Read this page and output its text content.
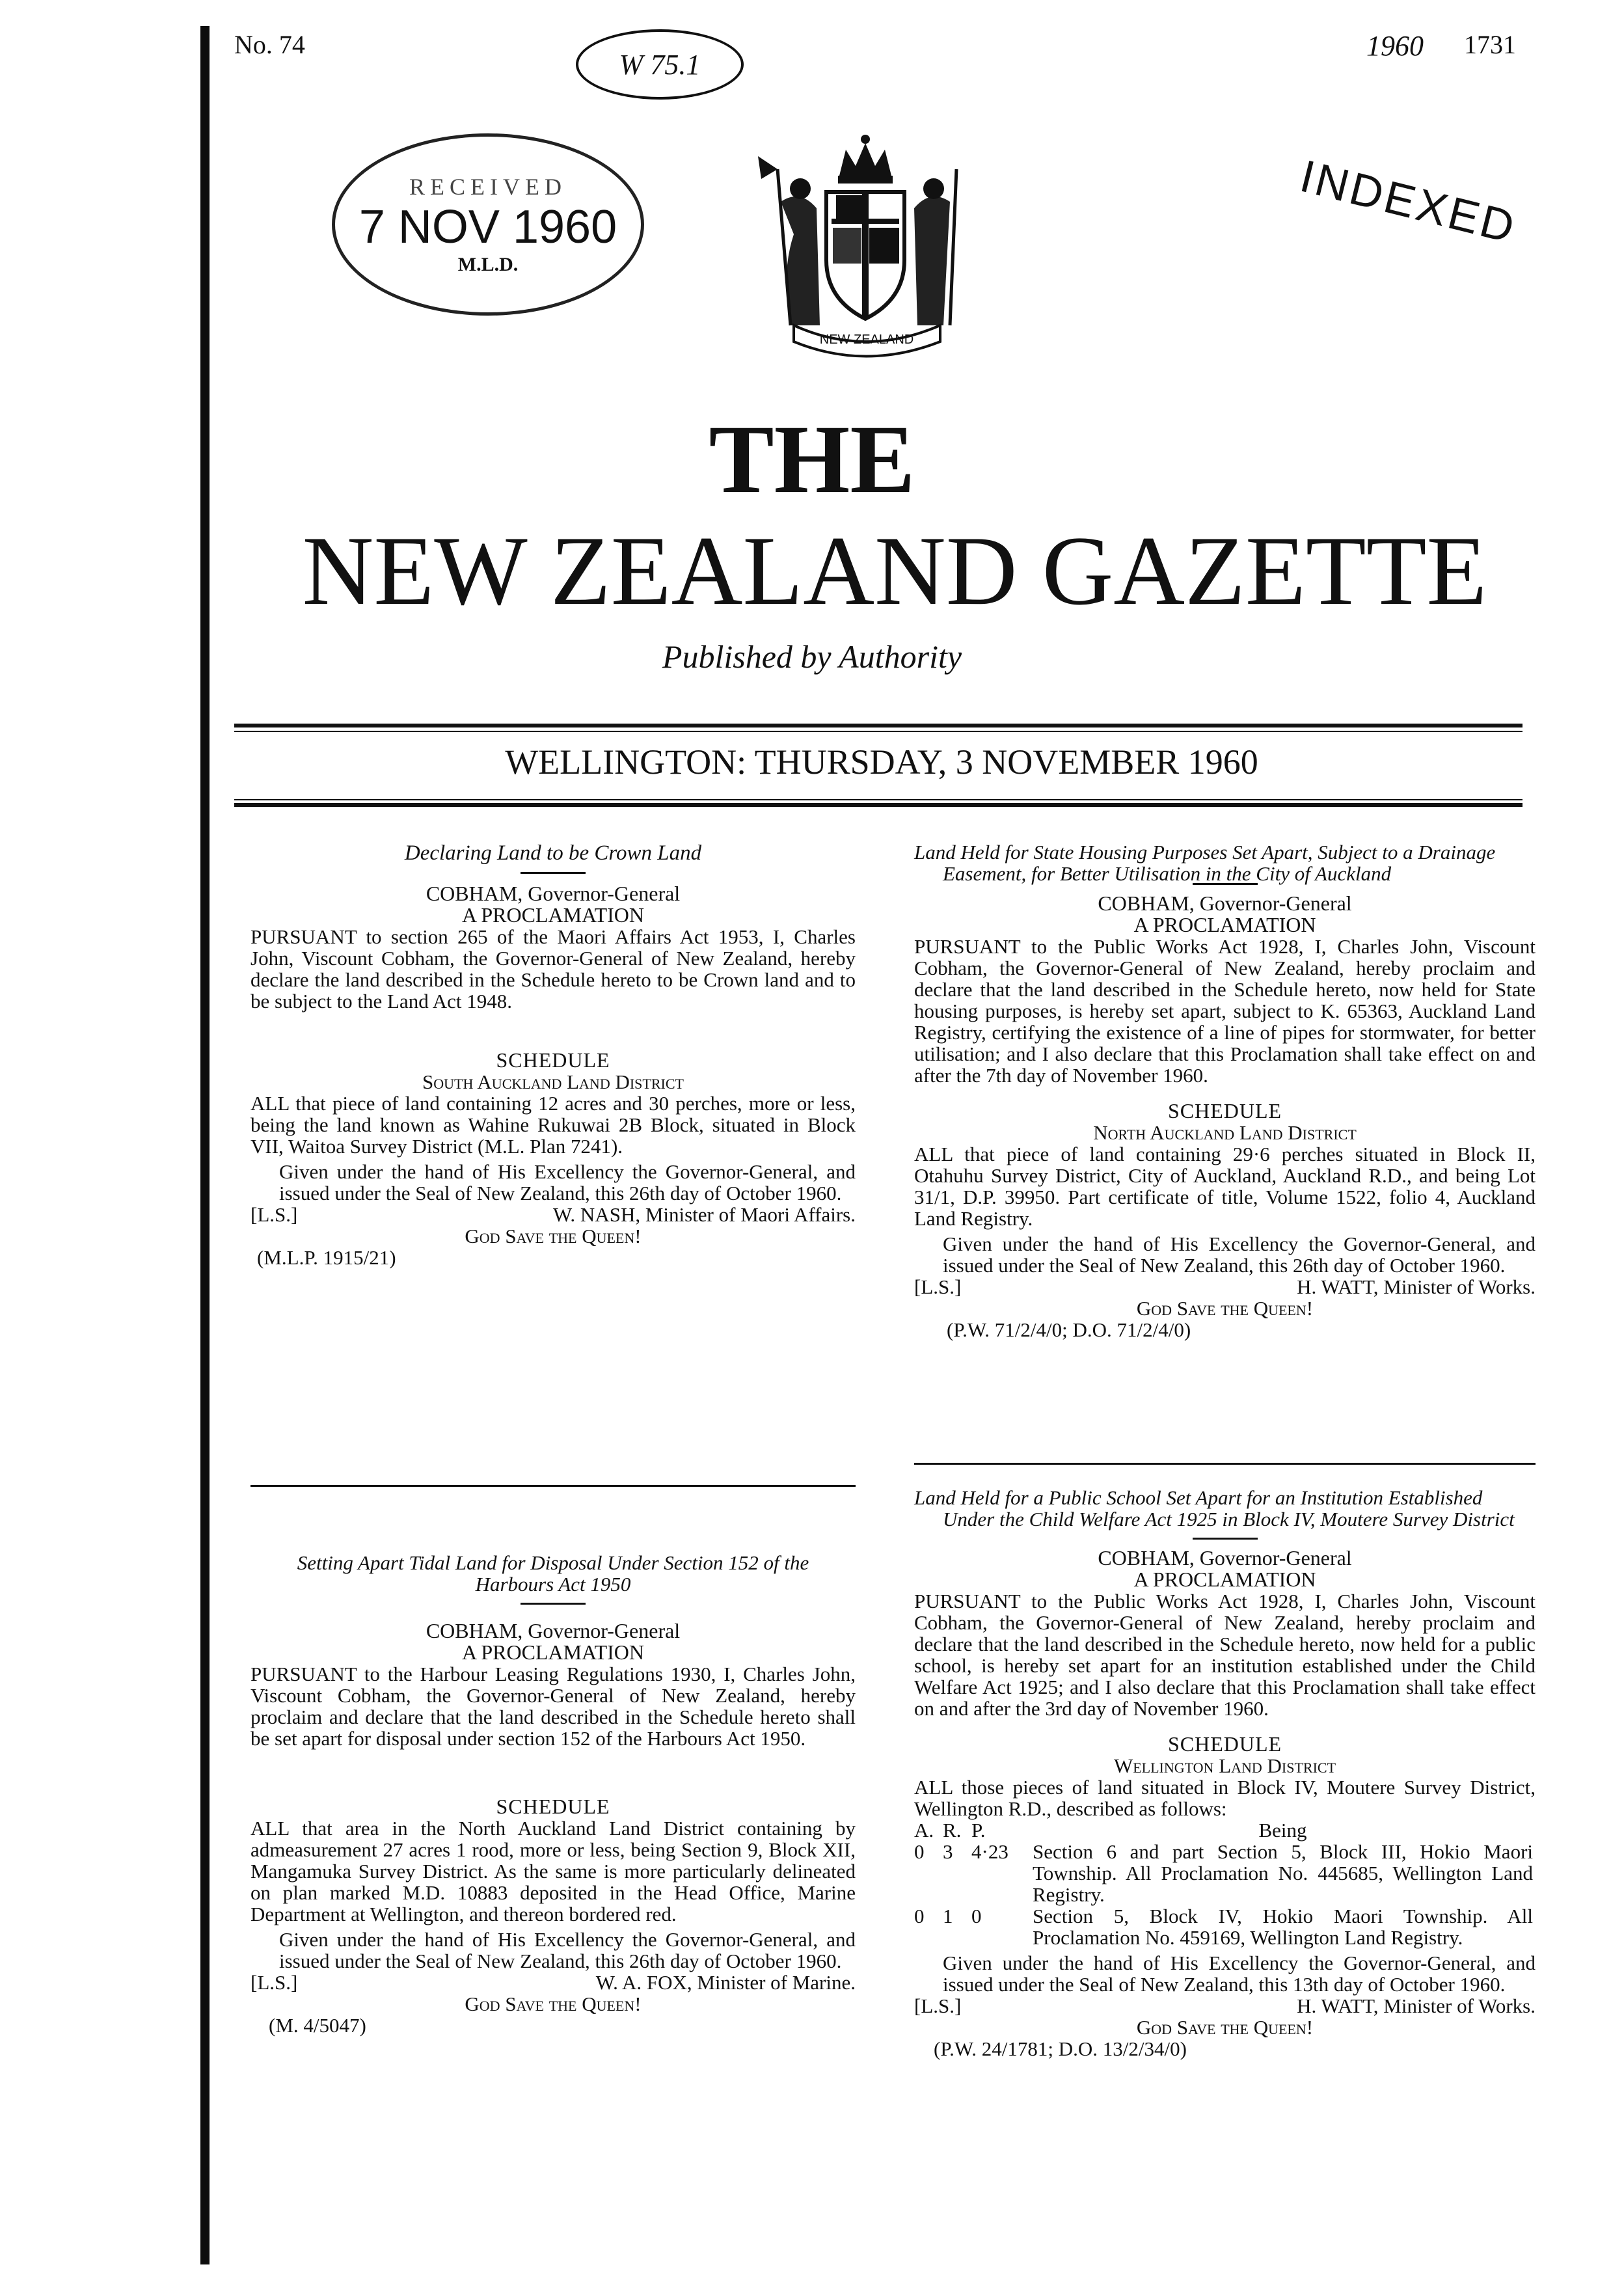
No. 74
W 75.1
1960 1731
RECEIVED
7 NOV 1960
M.L.D.
INDEXED
NEW ZEALAND
THE
NEW ZEALAND GAZETTE
Published by Authority
WELLINGTON: THURSDAY, 3 NOVEMBER 1960

Declaring Land to be Crown Land

COBHAM, Governor-General

A PROCLAMATION

PURSUANT to section 265 of the Maori Affairs Act 1953, I, Charles John, Viscount Cobham, the Governor-General of New Zealand, hereby declare the land described in the Schedule hereto to be Crown land and to be subject to the Land Act 1948.

SCHEDULE

South Auckland Land District

ALL that piece of land containing 12 acres and 30 perches, more or less, being the land known as Wahine Rukuwai 2B Block, situated in Block VII, Waitoa Survey District (M.L. Plan 7241).

Given under the hand of His Excellency the Governor-General, and issued under the Seal of New Zealand, this 26th day of October 1960.

[L.S.]	W. NASH, Minister of Maori Affairs.

God Save the Queen!

(M.L.P. 1915/21)

Setting Apart Tidal Land for Disposal Under Section 152 of the Harbours Act 1950

COBHAM, Governor-General

A PROCLAMATION

PURSUANT to the Harbour Leasing Regulations 1930, I, Charles John, Viscount Cobham, the Governor-General of New Zealand, hereby proclaim and declare that the land described in the Schedule hereto shall be set apart for disposal under section 152 of the Harbours Act 1950.

SCHEDULE

ALL that area in the North Auckland Land District containing by admeasurement 27 acres 1 rood, more or less, being Section 9, Block XII, Mangamuka Survey District. As the same is more particularly delineated on plan marked M.D. 10883 deposited in the Head Office, Marine Department at Wellington, and thereon bordered red.

Given under the hand of His Excellency the Governor-General, and issued under the Seal of New Zealand, this 26th day of October 1960.

[L.S.]	W. A. FOX, Minister of Marine.

God Save the Queen!

(M. 4/5047)

Land Held for State Housing Purposes Set Apart, Subject to a Drainage Easement, for Better Utilisation in the City of Auckland

COBHAM, Governor-General

A PROCLAMATION

PURSUANT to the Public Works Act 1928, I, Charles John, Viscount Cobham, the Governor-General of New Zealand, hereby proclaim and declare that the land described in the Schedule hereto, now held for State housing purposes, is hereby set apart, subject to K. 65363, Auckland Land Registry, certifying the existence of a line of pipes for stormwater, for better utilisation; and I also declare that this Proclamation shall take effect on and after the 7th day of November 1960.

SCHEDULE

North Auckland Land District

ALL that piece of land containing 29·6 perches situated in Block II, Otahuhu Survey District, City of Auckland, Auckland R.D., and being Lot 31/1, D.P. 39950. Part certificate of title, Volume 1522, folio 4, Auckland Land Registry.

Given under the hand of His Excellency the Governor-General, and issued under the Seal of New Zealand, this 26th day of October 1960.

[L.S.]	H. WATT, Minister of Works.

God Save the Queen!

(P.W. 71/2/4/0; D.O. 71/2/4/0)

Land Held for a Public School Set Apart for an Institution Established Under the Child Welfare Act 1925 in Block IV, Moutere Survey District

COBHAM, Governor-General

A PROCLAMATION

PURSUANT to the Public Works Act 1928, I, Charles John, Viscount Cobham, the Governor-General of New Zealand, hereby proclaim and declare that the land described in the Schedule hereto, now held for a public school, is hereby set apart for an institution established under the Child Welfare Act 1925; and I also declare that this Proclamation shall take effect on and after the 3rd day of November 1960.

SCHEDULE

Wellington Land District

ALL those pieces of land situated in Block IV, Moutere Survey District, Wellington R.D., described as follows:

A.	R.	P.	Being
0	3	4·23	Section 6 and part Section 5, Block III, Hokio Maori Township. All Proclamation No. 445685, Wellington Land Registry.
0	1	0	Section 5, Block IV, Hokio Maori Township. All Proclamation No. 459169, Wellington Land Registry.

Given under the hand of His Excellency the Governor-General, and issued under the Seal of New Zealand, this 13th day of October 1960.

[L.S.]	H. WATT, Minister of Works.

God Save the Queen!

(P.W. 24/1781; D.O. 13/2/34/0)
